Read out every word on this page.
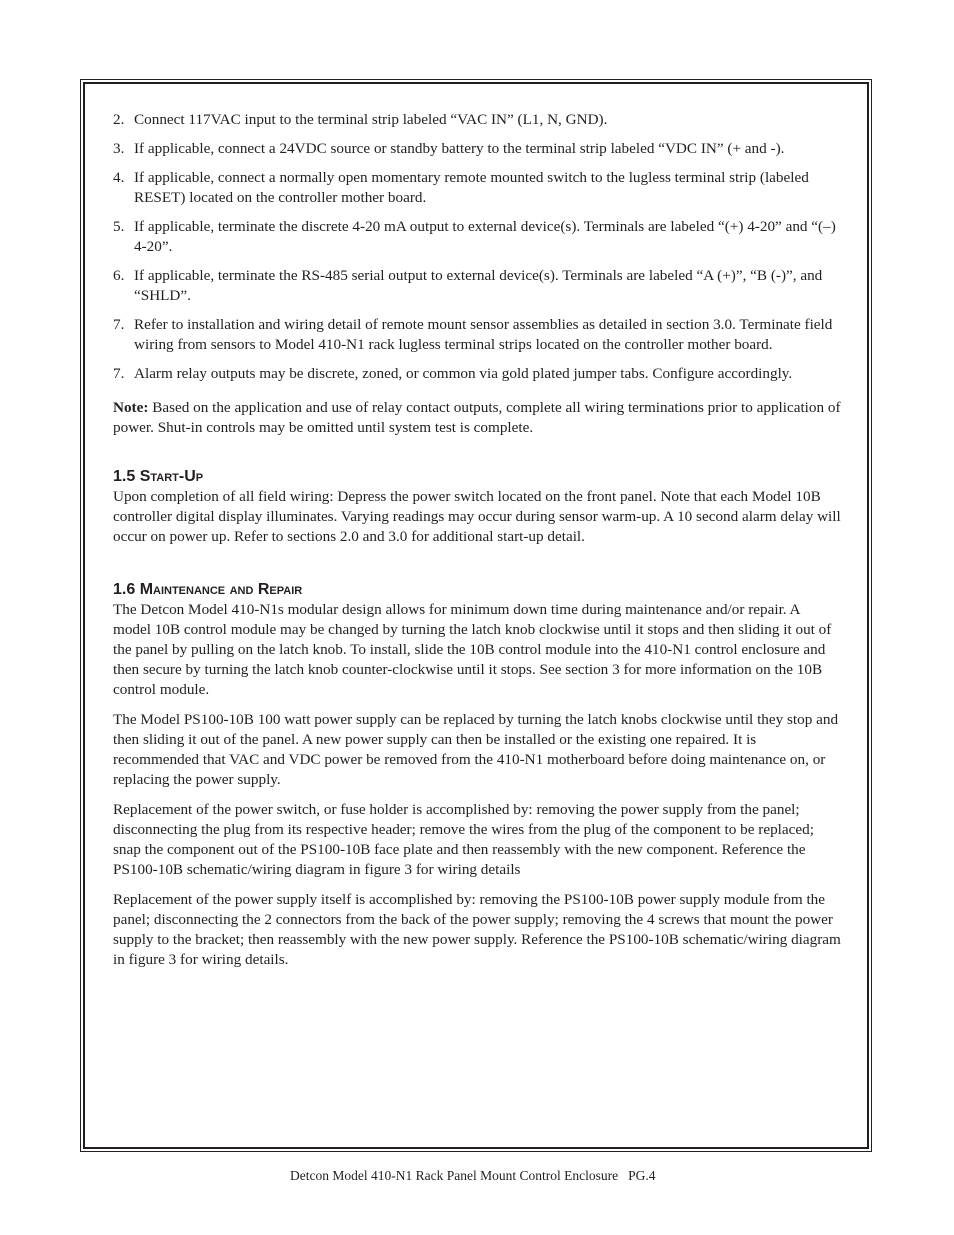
2. Connect 117VAC input to the terminal strip labeled “VAC IN” (L1, N, GND).
3. If applicable, connect a 24VDC source or standby battery to the terminal strip labeled “VDC IN” (+ and -).
4. If applicable, connect a normally open momentary remote mounted switch to the lugless terminal strip (labeled RESET) located on the controller mother board.
5. If applicable, terminate the discrete 4-20 mA output to external device(s). Terminals are labeled “(+) 4-20” and “(–) 4-20”.
6. If applicable, terminate the RS-485 serial output to external device(s). Terminals are labeled “A (+)”, “B (-)”, and “SHLD”.
7. Refer to installation and wiring detail of remote mount sensor assemblies as detailed in section 3.0. Terminate field wiring from sensors to Model 410-N1 rack lugless terminal strips located on the controller mother board.
7. Alarm relay outputs may be discrete, zoned, or common via gold plated jumper tabs. Configure accordingly.

Note: Based on the application and use of relay contact outputs, complete all wiring terminations prior to application of power. Shut-in controls may be omitted until system test is complete.

1.5 Start-Up

Upon completion of all field wiring: Depress the power switch located on the front panel. Note that each Model 10B controller digital display illuminates. Varying readings may occur during sensor warm-up. A 10 second alarm delay will occur on power up. Refer to sections 2.0 and 3.0 for additional start-up detail.

1.6 Maintenance and Repair

The Detcon Model 410-N1s modular design allows for minimum down time during maintenance and/or repair. A model 10B control module may be changed by turning the latch knob clockwise until it stops and then sliding it out of the panel by pulling on the latch knob. To install, slide the 10B control module into the 410-N1 control enclosure and then secure by turning the latch knob counter-clockwise until it stops. See section 3 for more information on the 10B control module.

The Model PS100-10B 100 watt power supply can be replaced by turning the latch knobs clockwise until they stop and then sliding it out of the panel. A new power supply can then be installed or the existing one repaired. It is recommended that VAC and VDC power be removed from the 410-N1 motherboard before doing maintenance on, or replacing the power supply.

Replacement of the power switch, or fuse holder is accomplished by: removing the power supply from the panel; disconnecting the plug from its respective header; remove the wires from the plug of the component to be replaced; snap the component out of the PS100-10B face plate and then reassembly with the new component. Reference the PS100-10B schematic/wiring diagram in figure 3 for wiring details

Replacement of the power supply itself is accomplished by: removing the PS100-10B power supply module from the panel; disconnecting the 2 connectors from the back of the power supply; removing the 4 screws that mount the power supply to the bracket; then reassembly with the new power supply. Reference the PS100-10B schematic/wiring diagram in figure 3 for wiring details.

Detcon Model 410-N1 Rack Panel Mount Control Enclosure PG.4
